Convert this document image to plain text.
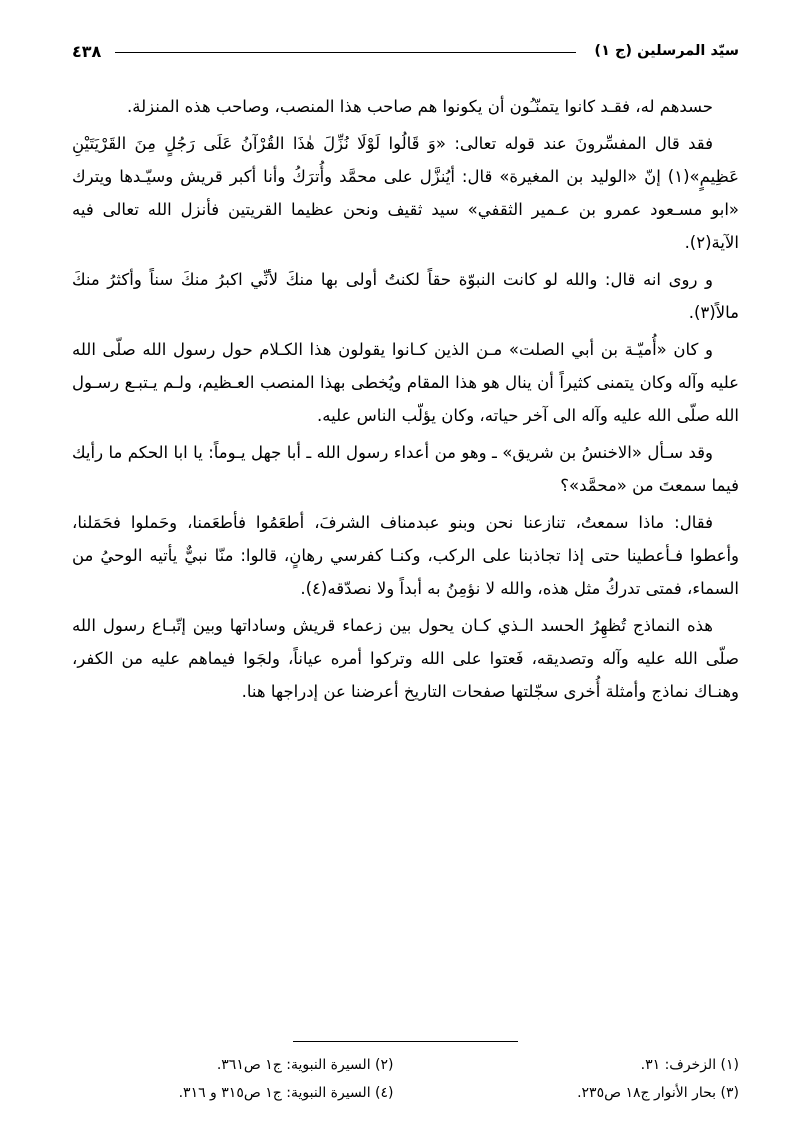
سيّد المرسلين (ج ١)
٤٣٨

حسدهم له، فقـد كانوا يتمنّـُون أن يكونوا هم صاحب هذا المنصب، وصاحب هذه المنزلة.

فقد قال المفسِّرونَ عند قوله تعالى: «وَ قَالُوا لَوْلَا نُزِّلَ هٰذَا القُرْآنُ عَلَى رَجُلٍ مِنَ القَرْيَتَيْنِ عَظِيمٍ»(١) إنّ «الوليد بن المغيرة» قال: أيُنزَّل على محمَّد وأُترَكُ وأنا أكبر قريش وسيّـدها ويترك «ابو مسـعود عمرو بن عـمير الثقفي» سيد ثقيف ونحن عظيما القريتين فأنزل الله تعالى فيه الآية(٢).

و روى انه قال: والله لو كانت النبوّة حقاً لكنتُ أولى بها منكَ لأنِّي اكبرُ منكَ سناً وأكثرُ منكَ مالاً(٣).

و كان «أُميّـة بن أبي الصلت» مـن الذين كـانوا يقولون هذا الكـلام حول رسول الله صلّى الله عليه وآله وكان يتمنى كثيراً أن ينال هو هذا المقام ويُخطى بهذا المنصب العـظيم، ولـم يـتبـع رسـول الله صلّى الله عليه وآله الى آخر حياته، وكان يؤلّب الناس عليه.

وقد سـأل «الاخنسُ بن شريق» ـ وهو من أعداء رسول الله ـ أبا جهل يـوماً: يا ابا الحكم ما رأيك فيما سمعتَ من «محمَّد»؟

فقال: ماذا سمعتُ، تنازعنا نحن وبنو عبدمناف الشرفَ، أطعَمُوا فأطعَمنا، وحَملوا فحَمَلنا، وأعطوا فـأعطينا حتى إذا تجاذبنا على الركب، وكنـا كفرسي رهانٍ، قالوا: منّا نبيٌّ يأتيه الوحيُ من السماء، فمتى تدركُ مثل هذه، والله لا نؤمِنُ به أبداً ولا نصدّقه(٤).

هذه النماذج تُظهِرُ الحسد الـذي كـان يحول بين زعماء قريش وساداتها وبين إتّبـاع رسول الله صلّى الله عليه وآله وتصديقه، فَعتوا على الله وتركوا أمره عياناً، ولجَوا فيماهم عليه من الكفر، وهنـاك نماذج وأمثلة أُخرى سجّلتها صفحات التاريخ أعرضنا عن إدراجها هنا.

(١) الزخرف: ٣١.
(٣) بحار الأنوار ج١٨ ص٢٣٥.
(٢) السيرة النبوية: ج١ ص٣٦١.
(٤) السيرة النبوية: ج١ ص٣١٥ و ٣١٦.
